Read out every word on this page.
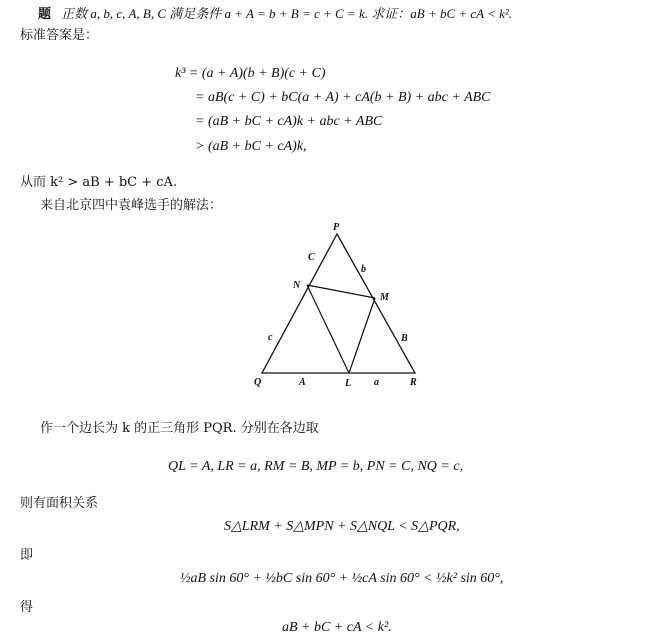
题 正数 a, b, c, A, B, C 满足条件 a + A = b + B = c + C = k. 求证：aB + bC + cA < k².
标准答案是：
k³ = (a + A)(b + B)(c + C)
= aB(c + C) + bC(a + A) + cA(b + B) + abc + ABC
= (aB + bC + cA)k + abc + ABC
> (aB + bC + cA)k,
从而 k² > aB + bC + cA.
来自北京四中袁峰选手的解法：
P
Q	R
N
M
L
C
b
c	B
A	a
作一个边长为 k 的正三角形 PQR. 分别在各边取
QL = A, LR = a, RM = B, MP = b, PN = C, NQ = c,
则有面积关系
S△LRM + S△MPN + S△NQL < S△PQR,
即
½aB sin 60° + ½bC sin 60° + ½cA sin 60° < ½k² sin 60°,
得
aB + bC + cA < k².
